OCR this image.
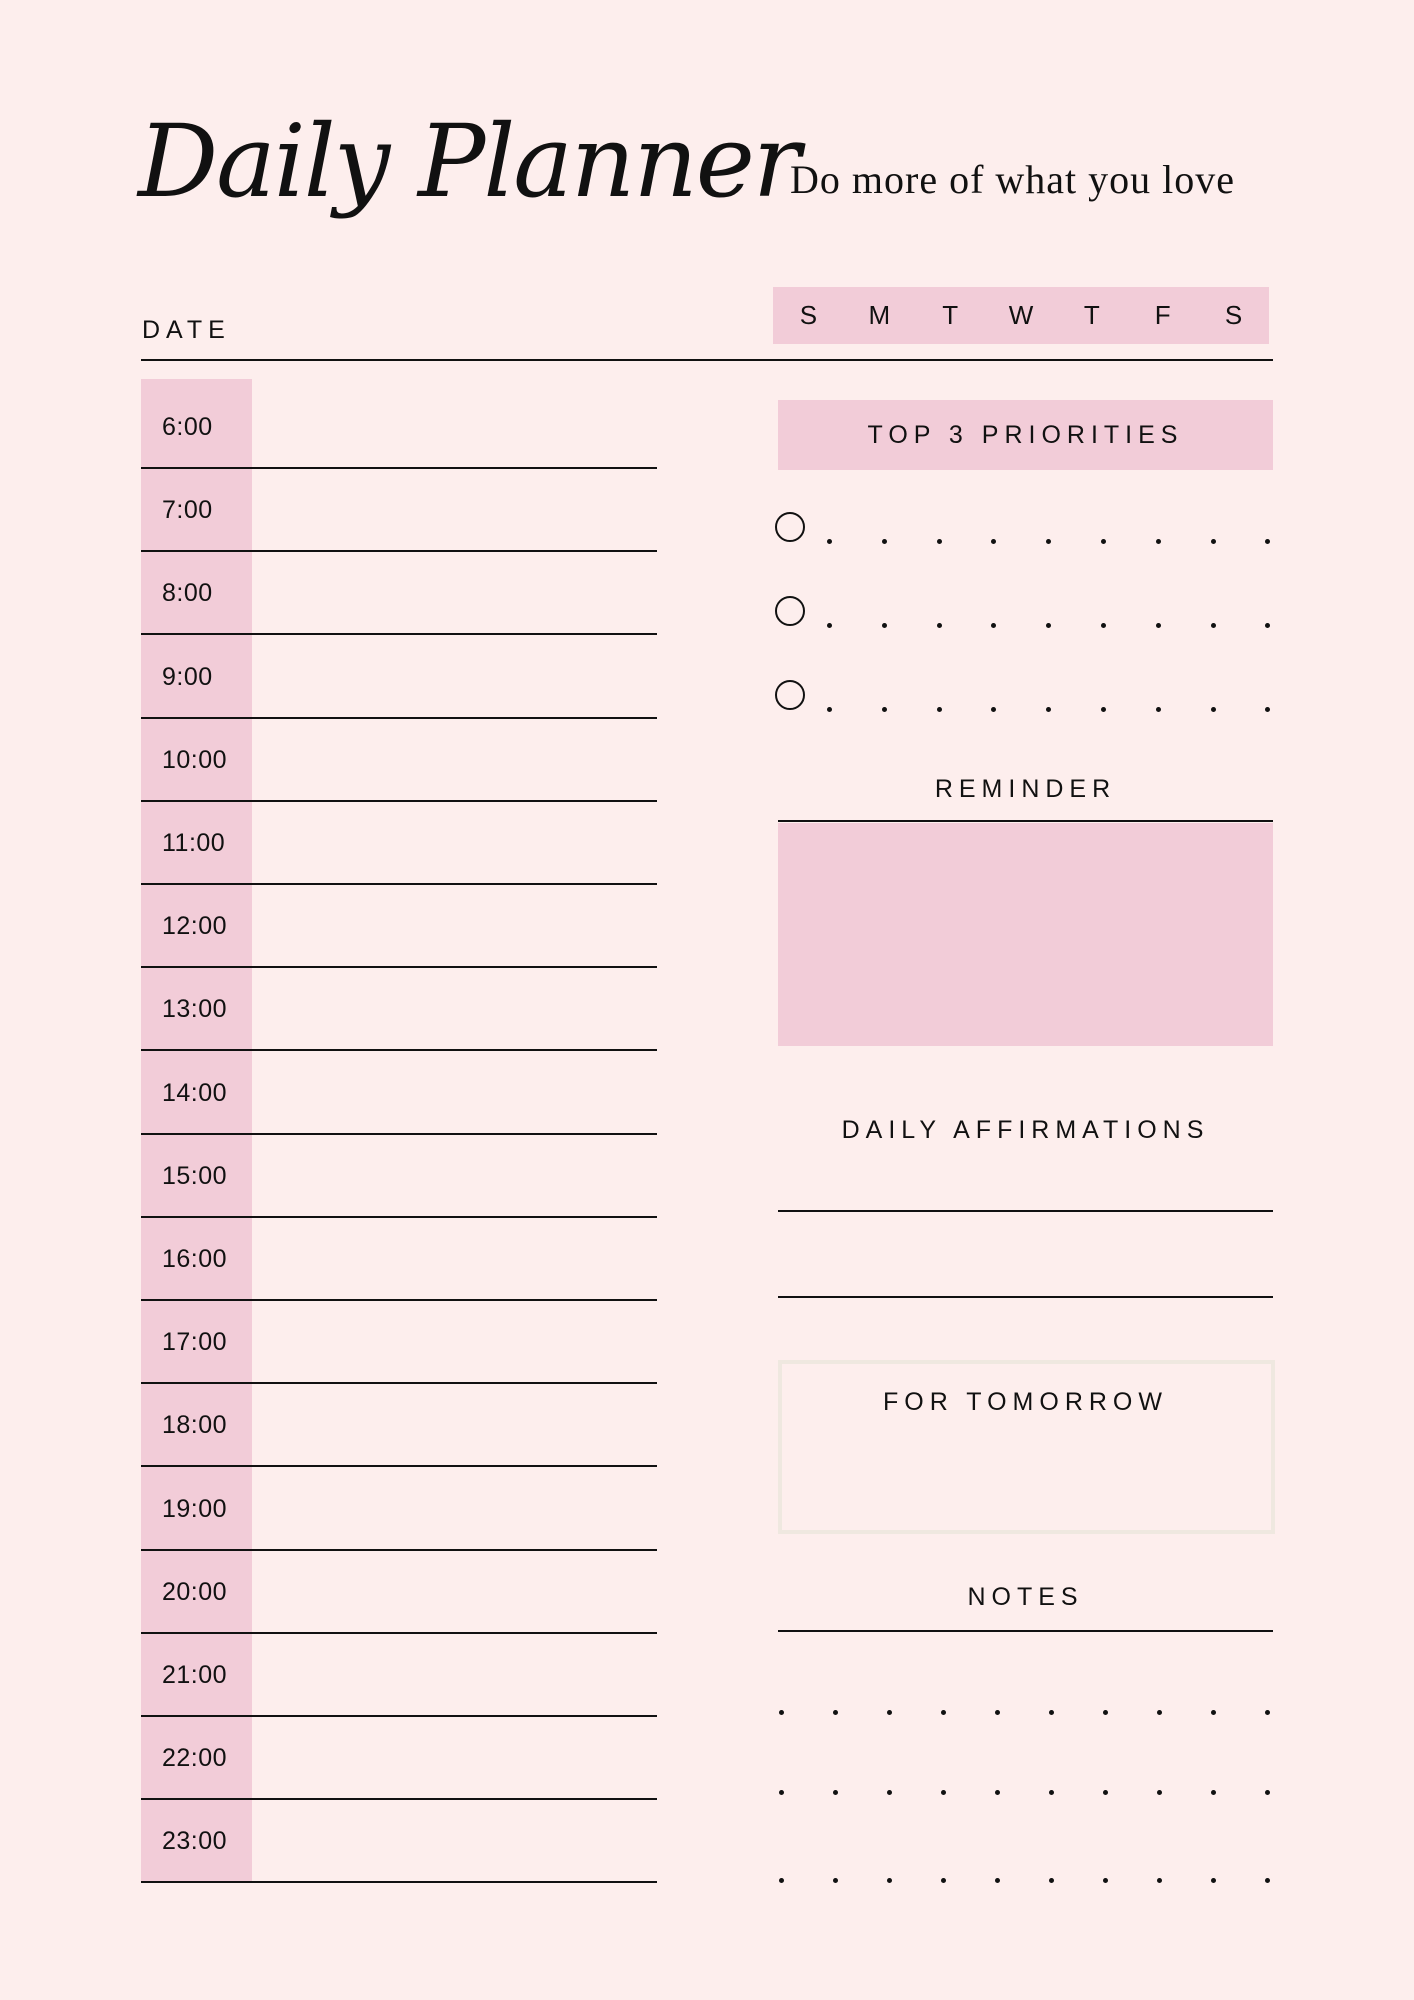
Daily Planner
Do more of what you love
DATE	S	M	T	W	T	F	S
6:00
7:00
8:00
9:00
10:00
11:00
12:00
13:00
14:00
15:00
16:00
17:00
18:00
19:00
20:00
21:00
22:00
23:00
TOP 3 PRIORITIES
REMINDER
DAILY AFFIRMATIONS
FOR TOMORROW
NOTES
